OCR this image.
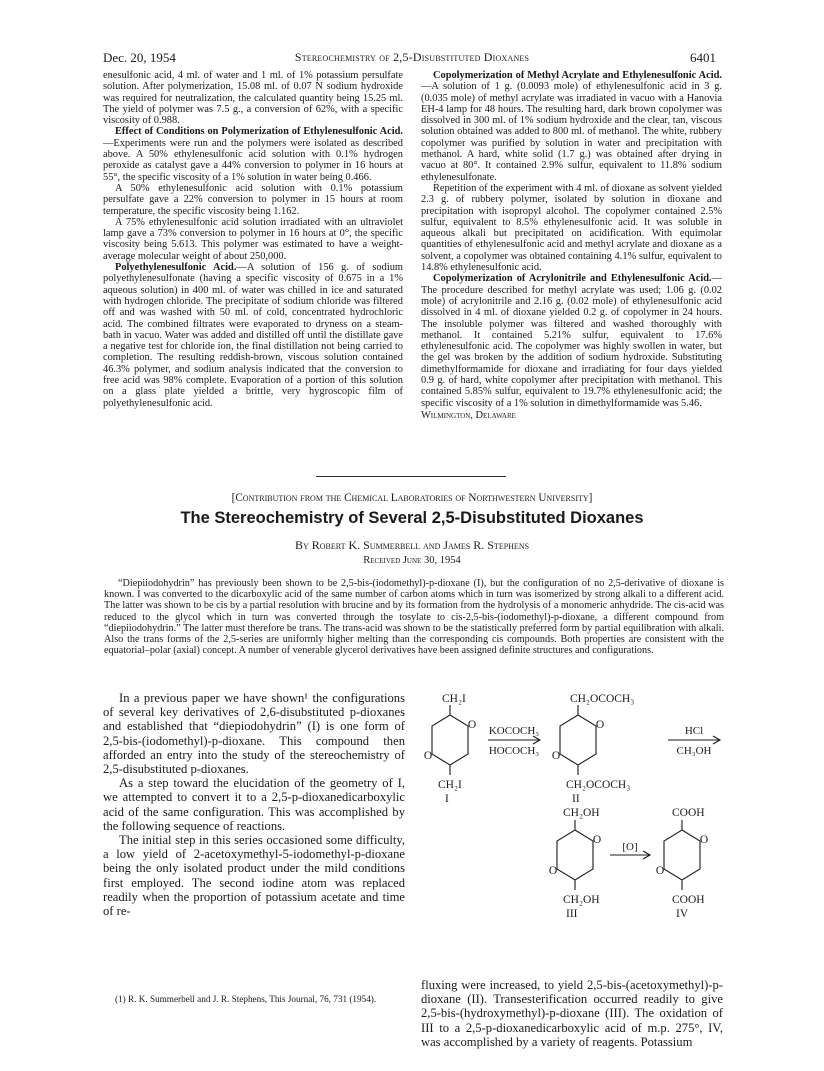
Dec. 20, 1954	Stereochemistry of 2,5-Disubstituted Dioxanes	6401

enesulfonic acid, 4 ml. of water and 1 ml. of 1% potassium persulfate solution. After polymerization, 15.08 ml. of 0.07 N sodium hydroxide was required for neutralization, the calculated quantity being 15.25 ml. The yield of polymer was 7.5 g., a conversion of 62%, with a specific viscosity of 0.988.

Effect of Conditions on Polymerization of Ethylenesulfonic Acid.—Experiments were run and the polymers were isolated as described above. A 50% ethylenesulfonic acid solution with 0.1% hydrogen peroxide as catalyst gave a 44% conversion to polymer in 16 hours at 55°, the specific viscosity of a 1% solution in water being 0.466.

A 50% ethylenesulfonic acid solution with 0.1% potassium persulfate gave a 22% conversion to polymer in 15 hours at room temperature, the specific viscosity being 1.162.

A 75% ethylenesulfonic acid solution irradiated with an ultraviolet lamp gave a 73% conversion to polymer in 16 hours at 0°, the specific viscosity being 5.613. This polymer was estimated to have a weight-average molecular weight of about 250,000.

Polyethylenesulfonic Acid.—A solution of 156 g. of sodium polyethylenesulfonate (having a specific viscosity of 0.675 in a 1% aqueous solution) in 400 ml. of water was chilled in ice and saturated with hydrogen chloride. The precipitate of sodium chloride was filtered off and was washed with 50 ml. of cold, concentrated hydrochloric acid. The combined filtrates were evaporated to dryness on a steam-bath in vacuo. Water was added and distilled off until the distillate gave a negative test for chloride ion, the final distillation not being carried to completion. The resulting reddish-brown, viscous solution contained 46.3% polymer, and sodium analysis indicated that the conversion to free acid was 98% complete. Evaporation of a portion of this solution on a glass plate yielded a brittle, very hygroscopic film of polyethylenesulfonic acid.

Copolymerization of Methyl Acrylate and Ethylenesulfonic Acid.—A solution of 1 g. (0.0093 mole) of ethylenesulfonic acid in 3 g. (0.035 mole) of methyl acrylate was irradiated in vacuo with a Hanovia EH-4 lamp for 48 hours. The resulting hard, dark brown copolymer was dissolved in 300 ml. of 1% sodium hydroxide and the clear, tan, viscous solution obtained was added to 800 ml. of methanol. The white, rubbery copolymer was purified by solution in water and precipitation with methanol. A hard, white solid (1.7 g.) was obtained after drying in vacuo at 80°. It contained 2.9% sulfur, equivalent to 11.8% sodium ethylenesulfonate.

Repetition of the experiment with 4 ml. of dioxane as solvent yielded 2.3 g. of rubbery polymer, isolated by solution in dioxane and precipitation with isopropyl alcohol. The copolymer contained 2.5% sulfur, equivalent to 8.5% ethylenesulfonic acid. It was soluble in aqueous alkali but precipitated on acidification. With equimolar quantities of ethylenesulfonic acid and methyl acrylate and dioxane as a solvent, a copolymer was obtained containing 4.1% sulfur, equivalent to 14.8% ethylenesulfonic acid.

Copolymerization of Acrylonitrile and Ethylenesulfonic Acid.—The procedure described for methyl acrylate was used; 1.06 g. (0.02 mole) of acrylonitrile and 2.16 g. (0.02 mole) of ethylenesulfonic acid dissolved in 4 ml. of dioxane yielded 0.2 g. of copolymer in 24 hours. The insoluble polymer was filtered and washed thoroughly with methanol. It contained 5.21% sulfur, equivalent to 17.6% ethylenesulfonic acid. The copolymer was highly swollen in water, but the gel was broken by the addition of sodium hydroxide. Substituting dimethylformamide for dioxane and irradiating for four days yielded 0.9 g. of hard, white copolymer after precipitation with methanol. This contained 5.85% sulfur, equivalent to 19.7% ethylenesulfonic acid; the specific viscosity of a 1% solution in dimethylformamide was 5.46.

Wilmington, Delaware

[Contribution from the Chemical Laboratories of Northwestern University]
The Stereochemistry of Several 2,5-Disubstituted Dioxanes
By Robert K. Summerbell and James R. Stephens
Received June 30, 1954
“Diepiiodohydrin” has previously been shown to be 2,5-bis-(iodomethyl)-p-dioxane (I), but the configuration of no 2,5-derivative of dioxane is known. I was converted to the dicarboxylic acid of the same number of carbon atoms which in turn was isomerized by strong alkali to a different acid. The latter was shown to be cis by a partial resolution with brucine and by its formation from the hydrolysis of a monomeric anhydride. The cis-acid was reduced to the glycol which in turn was converted through the tosylate to cis-2,5-bis-(iodomethyl)-p-dioxane, a different compound from “diepiiodohydrin.” The latter must therefore be trans. The trans-acid was shown to be the statistically preferred form by partial equilibration with alkali. Also the trans forms of the 2,5-series are uniformly higher melting than the corresponding cis compounds. Both properties are consistent with the equatorial–polar (axial) concept. A number of venerable glycerol derivatives have been assigned definite structures and configurations.

In a previous paper we have shown¹ the configurations of several key derivatives of 2,6-disubstituted p-dioxanes and established that “diepiodohydrin” (I) is one form of 2,5-bis-(iodomethyl)-p-dioxane. This compound then afforded an entry into the study of the stereochemistry of 2,5-disubstituted p-dioxanes.

As a step toward the elucidation of the geometry of I, we attempted to convert it to a 2,5-p-dioxanedicarboxylic acid of the same configuration. This was accomplished by the following sequence of reactions.

The initial step in this series occasioned some difficulty, a low yield of 2-acetoxymethyl-5-iodomethyl-p-dioxane being the only isolated product under the mild conditions first employed. The second iodine atom was replaced readily when the proportion of potassium acetate and time of re-

(1) R. K. Summerbell and J. R. Stephens, This Journal, 76, 731 (1954).

fluxing were increased, to yield 2,5-bis-(acetoxymethyl)-p-dioxane (II). Transesterification occurred readily to give 2,5-bis-(hydroxymethyl)-p-dioxane (III). The oxidation of III to a 2,5-p-dioxanedicarboxylic acid of m.p. 275°, IV, was accomplished by a variety of reagents. Potassium

CH₂I
O
O
CH₂I
I
KOCOCH₃
HOCOCH₃
CH₂OCOCH₃
O
O
CH₂OCOCH₃
II
HCl
CH₃OH
CH₂OH
O
O
CH₂OH
III
[O]
COOH
O
O
COOH
IV
